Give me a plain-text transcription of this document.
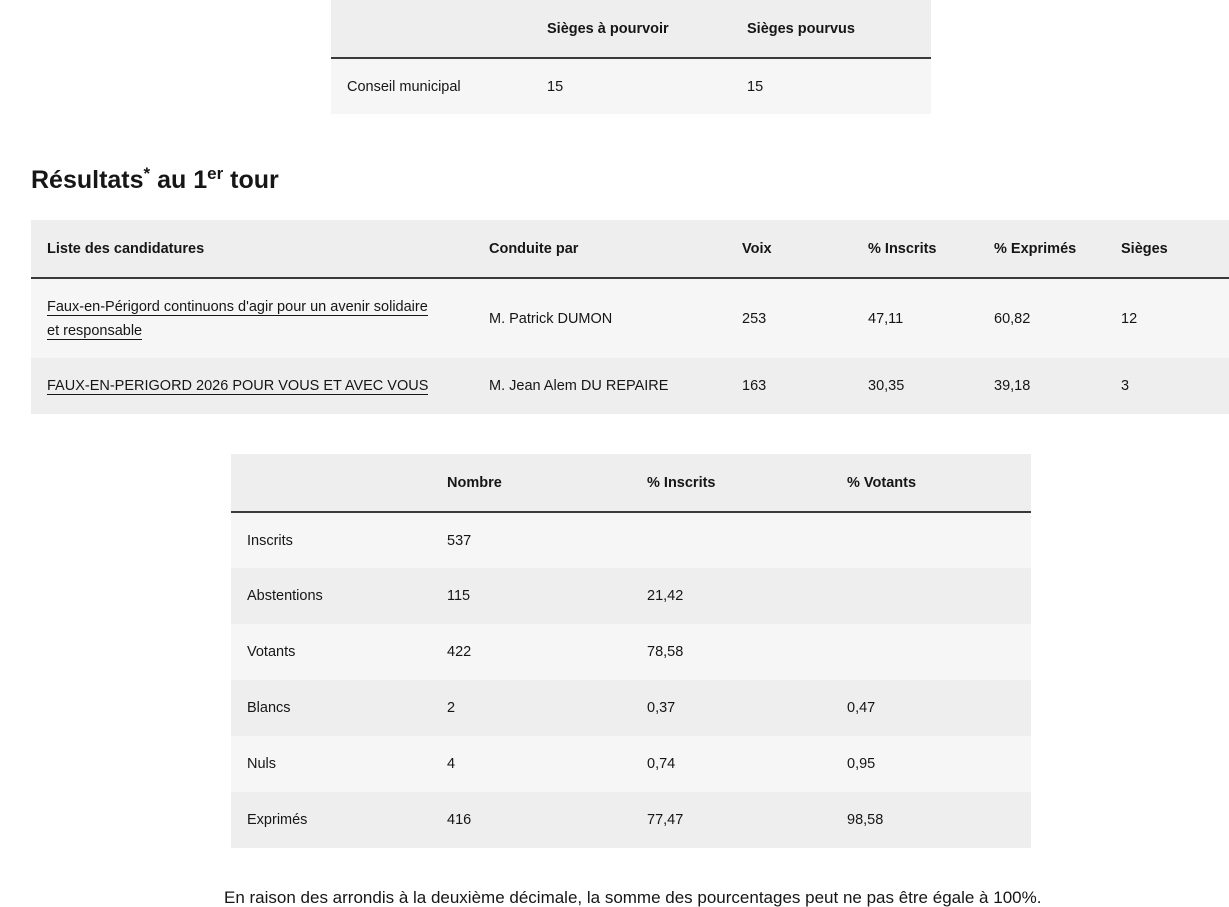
	Sièges à pourvoir	Sièges pourvus
Conseil municipal	15	15
Résultats* au 1er tour
Liste des candidatures	Conduite par	Voix	% Inscrits	% Exprimés	Sièges
Faux-en-Périgord continuons d'agir pour un avenir solidaire
et responsable	M. Patrick DUMON	253	47,11	60,82	12
FAUX-EN-PERIGORD 2026 POUR VOUS ET AVEC VOUS	M. Jean Alem DU REPAIRE	163	30,35	39,18	3
	Nombre	% Inscrits	% Votants
Inscrits	537		
Abstentions	115	21,42	
Votants	422	78,58	
Blancs	2	0,37	0,47
Nuls	4	0,74	0,95
Exprimés	416	77,47	98,58

En raison des arrondis à la deuxième décimale, la somme des pourcentages peut ne pas être égale à 100%.
